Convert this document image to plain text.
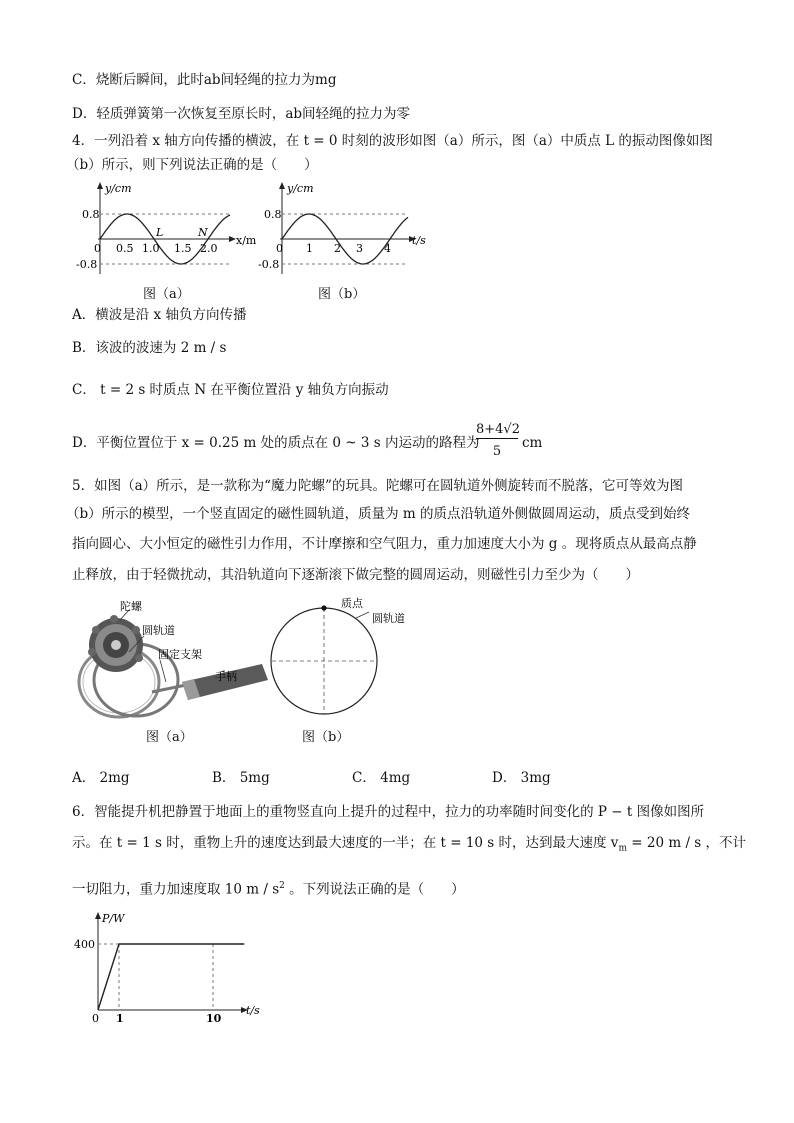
C．烧断后瞬间，此时ab间轻绳的拉力为mg
D．轻质弹簧第一次恢复至原长时，ab间轻绳的拉力为零
4．一列沿着 x 轴方向传播的横波，在 t = 0 时刻的波形如图（a）所示，图（a）中质点 L 的振动图像如图
（b）所示，则下列说法正确的是（　　）
y/cm
0.8
-0.8
0 0.5 1.0 1.5 2.0
L	N
x/m
图（a）
y/cm
0.8
-0.8
0 1 2 3 4
t/s
图（b）
A．横波是沿 x 轴负方向传播
B．该波的波速为 2 m / s
C． t = 2 s 时质点 N 在平衡位置沿 y 轴负方向振动
D．平衡位置位于 x = 0.25 m 处的质点在 0 ~ 3 s 内运动的路程为
8+4√2
5
cm
5．如图（a）所示，是一款称为“魔力陀螺”的玩具。陀螺可在圆轨道外侧旋转而不脱落，它可等效为图
（b）所示的模型，一个竖直固定的磁性圆轨道，质量为 m 的质点沿轨道外侧做圆周运动，质点受到始终
指向圆心、大小恒定的磁性引力作用，不计摩擦和空气阻力，重力加速度大小为 g 。现将质点从最高点静
止释放，由于轻微扰动，其沿轨道向下逐渐滚下做完整的圆周运动，则磁性引力至少为（　　）
陀螺
圆轨道
固定支架
手柄
图（a）
质点
圆轨道
图（b）
A． 2mg	B． 5mg	C． 4mg	D． 3mg
6．智能提升机把静置于地面上的重物竖直向上提升的过程中，拉力的功率随时间变化的 P − t 图像如图所
示。在 t = 1 s 时，重物上升的速度达到最大速度的一半；在 t = 10 s 时，达到最大速度 $v_m = 20$ m / s ，不计
一切阻力，重力加速度取 10 m / $s^2$ 。下列说法正确的是（　　）
P/W
400
0 1	10
t/s
